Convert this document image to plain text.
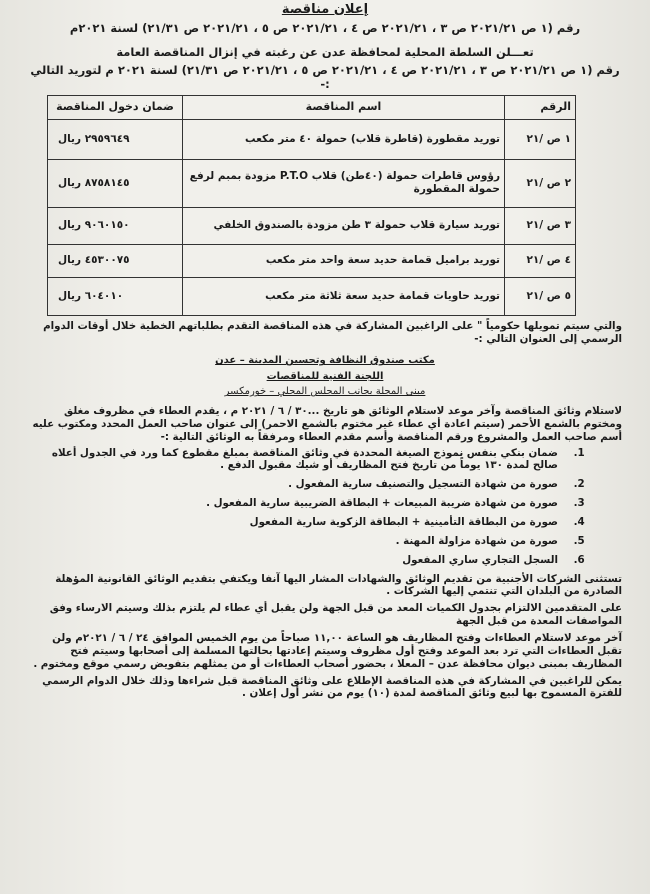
إعلان مناقصة
رقم (١ ص ٢٠٢١/٢١ ص ٣ ، ٢٠٢١/٢١ ص ٤ ، ٢٠٢١/٢١ ص ٥ ، ٢٠٢١/٢١ ص ٢١/٣١) لسنة ٢٠٢١م

تعـــلن السلطة المحلية لمحافظة عدن عن رغبته في إنزال المناقصة العامة

رقم (١ ص ٢٠٢١/٢١ ص ٣ ، ٢٠٢١/٢١ ص ٤ ، ٢٠٢١/٢١ ص ٥ ، ٢٠٢١/٢١ ص ٢١/٣١) لسنة ٢٠٢١ م لتوريد التالي :-
الرقم	اسم المناقصة	ضمان دخول المناقصة
١ ص /٢١	توريد مقطورة (قاطرة قلاب) حمولة ٤٠ متر مكعب	٢٩٥٩٦٤٩ ريال
٢ ص /٢١	رؤوس قاطرات حمولة (٤٠طن) قلاب P.T.O مزودة بمبم لرفع حمولة المقطورة	٨٧٥٨١٤٥ ريال
٣ ص /٢١	توريد سيارة قلاب حمولة ٣ طن مزودة بالصندوق الخلفي	٩٠٦٠١٥٠ ريال
٤ ص /٢١	توريد براميل قمامة حديد سعة واحد متر مكعب	٤٥٣٠٠٧٥ ريال
٥ ص /٢١	توريد حاويات قمامة حديد سعة ثلاثة متر مكعب	٦٠٤٠١٠ ريال

والتي سيتم تمويلها حكومياً " على الراغبين المشاركة في هذه المناقصة التقدم بطلباتهم الخطية خلال أوقات الدوام الرسمي إلى العنوان التالي :-

مكتب صندوق النظافة وتحسين المدينة – عدن

اللجنة الفنية للمناقصات

مبنى المجلة بجانب المجلس المحلي – خورمكسر

لاستلام وثائق المناقصة وآخر موعد لاستلام الوثائق هو تاريخ ...٣٠ / ٦ / ٢٠٢١ م ، يقدم العطاء في مظروف مغلق ومختوم بالشمع الأحمر (سيتم اعادة أي عطاء غير مختوم بالشمع الاحمر) إلى عنوان صاحب العمل المحدد ومكتوب عليه أسم صاحب العمل والمشروع ورقم المناقصة وأسم مقدم العطاء ومرفقاً به الوثائق التالية :-

1. ضمان بنكي بنفس نموذج الصيغة المحددة في وثائق المناقصة بمبلغ مقطوع كما ورد في الجدول أعلاه صالح لمدة ١٣٠ يوماً من تاريخ فتح المظاريف أو شيك مقبول الدفع .
2. صورة من شهادة التسجيل والتصنيف سارية المفعول .
3. صورة من شهادة ضريبة المبيعات + البطاقة الضريبية سارية المفعول .
4. صورة من البطاقة التأمينية + البطاقة الزكوية سارية المفعول
5. صورة من شهادة مزاولة المهنة .
6. السجل التجاري ساري المفعول

تستثنى الشركات الأجنبية من تقديم الوثائق والشهادات المشار اليها آنفا ويكتفي بتقديم الوثائق القانونية المؤهلة الصادرة من البلدان التي تنتمي إليها الشركات .

على المتقدمين الالتزام بجدول الكميات المعد من قبل الجهة ولن يقبل أي عطاء لم يلتزم بذلك وسيتم الارساء وفق المواصفات المعدة من قبل الجهة

آخر موعد لاستلام العطاءات وفتح المظاريف هو الساعة ١١,٠٠ صباحاً من يوم الخميس الموافق ٢٤ / ٦ / ٢٠٢١م ولن تقبل العطاءات التي ترد بعد الموعد وفتح أول مظروف وسيتم إعادتها بحالتها المسلمة إلى أصحابها وسيتم فتح المظاريف بمبنى ديوان محافظة عدن – المعلا ، بحضور أصحاب العطاءات أو من يمثلهم بتفويض رسمي موقع ومختوم .

يمكن للراغبين في المشاركة في هذه المناقصة الإطلاع على وثائق المناقصة قبل شراءها وذلك خلال الدوام الرسمي للفترة المسموح بها لبيع وثائق المناقصة لمدة (١٠) يوم من نشر أول إعلان .
